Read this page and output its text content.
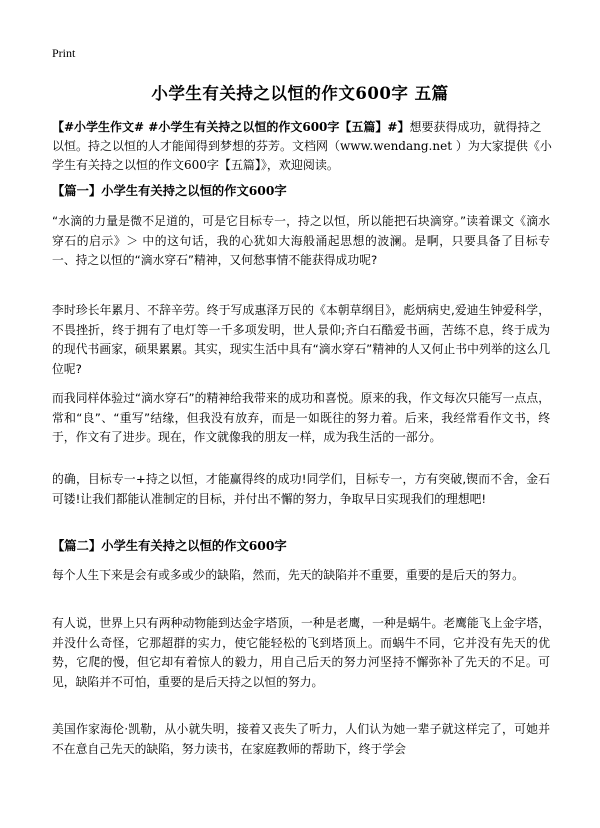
Print
小学生有关持之以恒的作文600字 五篇
【#小学生作文# #小学生有关持之以恒的作文600字【五篇】#】想要获得成功，就得持之以恒。持之以恒的人才能闻得到梦想的芬芳。文档网（www.wendang.net ）为大家提供《小学生有关持之以恒的作文600字【五篇】》，欢迎阅读。
【篇一】小学生有关持之以恒的作文600字

“水滴的力量是微不足道的，可是它目标专一，持之以恒，所以能把石块滴穿。”读着课文《滴水穿石的启示》＞ 中的这句话，我的心犹如大海般涌起思想的波澜。是啊，只要具备了目标专一、持之以恒的“滴水穿石”精神，又何愁事情不能获得成功呢?

李时珍长年累月、不辞辛劳。终于写成惠泽万民的《本朝草纲目》，彪炳病史,爱迪生钟爱科学，不畏挫折，终于拥有了电灯等一千多项发明，世人景仰;齐白石酷爱书画，苦练不息，终于成为的现代书画家，硕果累累。其实，现实生活中具有“滴水穿石”精神的人又何止书中列举的这么几位呢?

而我同样体验过“滴水穿石”的精神给我带来的成功和喜悦。原来的我，作文每次只能写一点点，常和“良”、“重写”结缘，但我没有放弃，而是一如既往的努力着。后来，我经常看作文书，终于，作文有了进步。现在，作文就像我的朋友一样，成为我生活的一部分。

的确，目标专一+持之以恒，才能赢得终的成功!同学们，目标专一，方有突破,锲而不舍，金石可镂!让我们都能认准制定的目标，并付出不懈的努力，争取早日实现我们的理想吧!

【篇二】小学生有关持之以恒的作文600字

每个人生下来是会有或多或少的缺陷，然而，先天的缺陷并不重要，重要的是后天的努力。

有人说，世界上只有两种动物能到达金字塔顶，一种是老鹰，一种是蜗牛。老鹰能飞上金字塔，并没什么奇怪，它那超群的实力，使它能轻松的飞到塔顶上。而蜗牛不同，它并没有先天的优势，它爬的慢，但它却有着惊人的毅力，用自己后天的努力河坚持不懈弥补了先天的不足。可见，缺陷并不可怕，重要的是后天持之以恒的努力。

美国作家海伦·凯勒，从小就失明，接着又丧失了听力，人们认为她一辈子就这样完了，可她并不在意自己先天的缺陷，努力读书，在家庭教师的帮助下，终于学会
